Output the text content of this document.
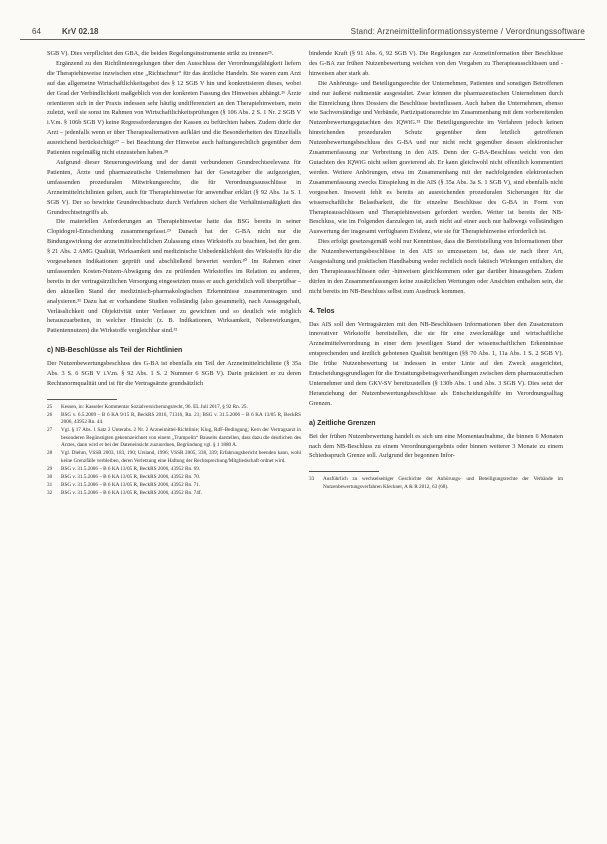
64	KrV 02.18	Stand: Arzneimittelinformationssysteme / Verordnungssoftware

SGB V). Dies verpflichtet den GBA, die beiden Regelungsinstrumente strikt zu trennen²⁵.

Ergänzend zu den Richtlinienregelungen über den Ausschluss der Verordnungsfähigkeit liefern die Therapiehinweise inzwischen eine „Richtschnur“ für das ärztliche Handeln. Sie waren zum Arzt auf das allgemeine Wirtschaftlichkeitsgebot des § 12 SGB V hin und konkretisieren dieses, wobei der Grad der Verbindlichkeit maßgeblich von der konkreten Fassung des Hinweises abhängt.²⁶ Ärzte orientieren sich in der Praxis indessen sehr häufig undifferenziert an den Therapiehinweisen, mein zuletzt, weil sie sonst im Rahmen von Wirtschaftlichkeitsprüfungen (§ 106 Abs. 2 S. 1 Nr. 2 SGB V i.V.m. § 106b SGB V) keine Regressforderungen der Kassen zu befürchten haben. Zudem dürfe der Arzt – jedenfalls wenn er über Therapiealternativen aufklärt und die Besonderheiten des Einzelfalls ausreichend berücksichtigt²⁷ – bei Beachtung der Hinweise auch haftungsrechtlich gegenüber dem Patienten regelmäßig nicht einzustehen haben.²⁸

Aufgrund dieser Steuerungswirkung und der damit verbundenen Grundrechtsrelevanz für Patienten, Ärzte und pharmazeutische Unternehmen hat der Gesetzgeber die aufgezeigten, umfassenden prozeduralen Mitwirkungsrechte, die für Verordnungsausschlüsse in Arzneimittelrichtlinien gelten, auch für Therapiehinweise für anwendbar erklärt (§ 92 Abs. 1a S. 1 SGB V). Der so bewirkte Grundrechtsschutz durch Verfahren sichert die Verhältnismäßigkeit des Grundrechtseingriffs ab.

Die materiellen Anforderungen an Therapiehinweise hatte das BSG bereits in seiner Clopidogrel-Entscheidung zusammengefasst.²⁹ Danach hat der G-BA nicht nur die Bindungswirkung der arzneimittelrechtlichen Zulassung eines Wirkstoffs zu beachten, bei der gem. § 21 Abs. 2 AMG Qualität, Wirksamkeit und medizinische Unbedenklichkeit des Wirkstoffs für die vorgesehenen Indikationen geprüft und abschließend bewertet werden.³⁰ Im Rahmen einer umfassenden Kosten-Nutzen-Abwägung des zu prüfenden Wirkstoffes im Relation zu anderen, bereits in der vertragsärztlichen Versorgung eingesetzten muss er auch gerichtlich voll überprüfbar – den aktuellen Stand der medizinisch-pharmakologischen Erkenntnisse zusammentragen und analysieren.³¹ Dazu hat er vorhandene Studien vollständig (also gesammelt), nach Aussagegehalt, Verlässlichkeit und Objektivität unter Verfasser zu gewichten und so deutlich wie möglich herauszuarbeiten, in welcher Hinsicht (z. B. Indikationen, Wirksamkeit, Nebenwirkungen, Patientennutzen) die Wirkstoffe vergleichbar sind.³²

c) NB-Beschlüsse als Teil der Richtlinien

Der Nutzenbewertungsbeschluss des G-BA ist ebenfalls ein Teil der Arzneimittelrichtlinie (§ 35a Abs. 3 S. 6 SGB V i.V.m. § 92 Abs. 1 S. 2 Nummer 6 SGB V). Darin präzisiert er zu deren Rechtsnormqualität und ist für die Vertragsärzte grundsätzlich

25	Kessen, in: Kasseler Kommentar Sozialversicherungsrecht, 96. EL Juli 2017, § 92 Rn. 25.
26	BSG v. 6.5.2009 – B 6 KA 9/15 R, BeckRS 2016, 71316, Rn. 21; BSG v. 31.5.2006 – B 6 KA 13/05 R, BeckRS 2006, 43952 Rn. 44.
27	Vgl. § 17 Abs. 1 Satz 2 Unterabs. 2 Nr. 2 Arzneimittel-Richtlinie; Klug, RdF-Bedingung; Kern der Vertragsarzt in besonderen Begünstigten gekennzeichnet von einem „Trampolin“ Bauseits darstellen, dass dazu die deutlichen des Arztes, dann wird er bei der Dateneinsicht zuzuordnen, Begründung vgl. § 1 1880 A.
28	Vgl. Diehm, VSSR 2003, 183, 190; Ursland, 1996; VSSR 2005, 338, 339; Erfahrungsbericht beenden kann, wohl keine Grenzfälle verbleiben, deren Verletzung eine Haftung der Rechtsprechung/Mitgliedschaft ordnet wird.
29	BSG v. 31.5.2006 – B 6 KA 13/05 R, BeckRS 2006, 43952 Rn. 69.
30	BSG v. 31.5.2006 – B 6 KA 13/05 R, BeckRS 2006, 43952 Rn. 70.
31	BSG v. 31.5.2006 – B 6 KA 13/05 R, BeckRS 2006, 43952 Rn. 71.
32	BSG v. 31.5.2006 – B 6 KA 13/05 R, BeckRS 2006, 43952 Rn. 74f.

bindende Kraft (§ 91 Abs. 6, 92 SGB V). Die Regelungen zur Arzneiinformation über Beschlüsse des G-BA zur frühen Nutzenbewertung weichen von den Vorgaben zu Therapieausschlüssen und -hinweisen aber stark ab.

Die Anhörungs- und Beteiligungsrechte der Unternehmen, Patienten und sonstigen Betroffenen sind nur äußerst rudimentär ausgestaltet. Zwar können die pharmazeutischen Unternehmen durch die Einreichung ihres Dossiers die Beschlüsse beeinflussen. Auch haben die Unternehmen, ebenso wie Sachverständige und Verbände, Partizipationsrechte im Zusammenhang mit dem vorbereitenden Nutzenbewertungsgutachten des IQWiG.³³ Die Beteiligungsrechte im Verfahren jedoch keinen hinreichenden prozeduralen Schutz gegenüber dem letztlich getroffenen Nutzenbewertungsbeschluss des G-BA und nur nicht recht gegenüber dessen elektronischer Zusammenfassung zur Verbreitung in den AIS. Denn der G-BA-Beschluss weicht von den Gutachten des IQWiG nicht selten gravierend ab. Er kann gleichwohl nicht offentlich kommentiert werden. Weitere Anhörungen, etwa im Zusammenhang mit der nachfolgenden elektronischen Zusammenfassung zwecks Einspielung in die AIS (§ 35a Abs. 3a S. 1 SGB V), sind ebenfalls nicht vorgesehen. Insoweit fehlt es bereits an ausreichenden prozeduralen Sicherungen für die wissenschaftliche Belastbarkeit, die für einzelne Beschlüsse des G-BA in Form von Therapieausschlüssen und Therapiehinweisen gefordert werden. Weiter ist bereits der NB-Beschluss, wie im Folgenden darzulegen ist, auch nicht auf einer auch nur halbwegs vollständigen Auswertung der insgesamt verfügbaren Evidenz, wie sie für Therapiehinweise erforderlich ist.

Dies erfolgt gesetzesgemäß wohl nur Kenntnisse, dass die Bereitstellung von Informationen über die Nutzenbewertungsbeschlüsse in den AIS so umzusetzen ist, dass sie nach ihrer Art, Ausgestaltung und praktischen Handhabung weder rechtlich noch faktisch Wirkungen entfalten, die den Therapieausschlüssen oder -hinweisen gleichkommen oder gar darüber hinausgehen. Zudem dürfen in den Zusammenfassungen keine zusätzlichen Wertungen oder Ansichten enthalten sein, die nicht bereits im NB-Beschluss selbst zum Ausdruck kommen.

4. Telos

Das AIS soll den Vertragsärzten mit den NB-Beschlüssen Informationen über den Zusatznutzen innovativer Wirkstoffe bereitstellen, die sie für eine zweckmäßige und wirtschaftliche Arzneimittelverordnung in einer dem jeweiligen Stand der wissenschaftlichen Erkenntnisse entsprechenden und ärztlich gebotenen Qualität benötigen (§§ 70 Abs. 1, 11a Abs. 1 S. 2 SGB V). Die frühe Nutzenbewertung ist indessen in erster Linie auf den Zweck ausgerichtet, Entscheidungsgrundlagen für die Erstattungsbetragsverhandlungen zwischen dem pharmazeutischen Unternehmer und dem GKV-SV bereitzustellen (§ 130b Abs. 1 und Abs. 3 SGB V). Dies setzt der Heranziehung der Nutzenbewertungsbeschlüsse als Entscheidungshilfe im Verordnungsalltag Grenzen.

a) Zeitliche Grenzen

Bei der frühen Nutzenbewertung handelt es sich um eine Momentaufnahme, die binnen 6 Monaten nach dem NB-Beschluss zu einem Verordnungsergebnis oder binnen weiterer 3 Monate zu einem Schiedsspruch Grenze soll. Aufgrund der begonnen Infor-

33	Ausführlich zu wechselseitiger Geschichte der Anhörungs- und Beteiligungsrechte der Verbände im Nutzenbewertungsverfahren Kleckner, A & R 2012, 63 (68).
